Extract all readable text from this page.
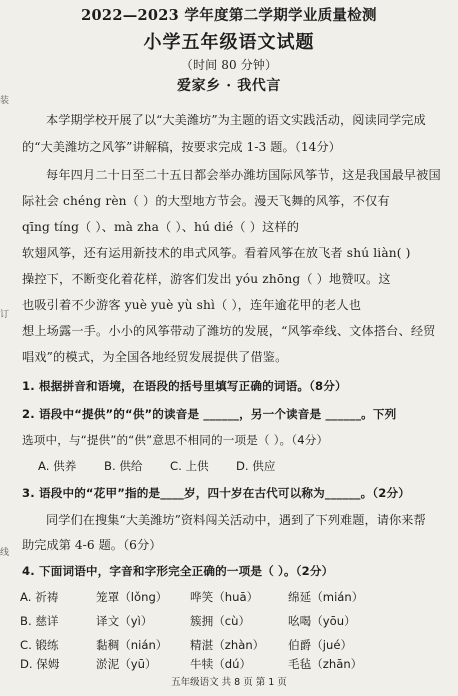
装
订
线
2022—2023 学年度第二学期学业质量检测
小学五年级语文试题
（时间 80 分钟）
爱家乡 · 我代言
本学期学校开展了以“大美潍坊”为主题的语文实践活动，阅读同学完成
的“大美潍坊之风筝”讲解稿，按要求完成 1-3 题。（14分）
每年四月二十日至二十五日都会举办潍坊国际风筝节，这是我国最早被国
际社会 chéng rèn（ ）的大型地方节会。漫天飞舞的风筝，不仅有
qīng tíng（ ）、mà zha（ ）、hú dié（ ）这样的
软翅风筝，还有运用新技术的串式风筝。看着风筝在放飞者 shú liàn( )
操控下，不断变化着花样，游客们发出 yóu zhōng（ ）地赞叹。这
也吸引着不少游客 yuè yuè yù shì（ ），连年逾花甲的老人也
想上场露一手。小小的风筝带动了潍坊的发展，“风筝牵线、文体搭台、经贸
唱戏”的模式，为全国各地经贸发展提供了借鉴。
1. 根据拼音和语境，在语段的括号里填写正确的词语。（8分）
2. 语段中“提供”的“供”的读音是 ______，另一个读音是 ______。下列
选项中，与“提供”的“供”意思不相同的一项是（ ）。（4分）
A. 供养 B. 供给 C. 上供 D. 供应
3. 语段中的“花甲”指的是____岁，四十岁在古代可以称为______。（2分）
同学们在搜集“大美潍坊”资料闯关活动中，遇到了下列难题，请你来帮
助完成第 4-6 题。（6分）
4. 下面词语中，字音和字形完全正确的一项是（ ）。（2分）
A. 祈祷	笼罩（lǒng） 哗笑（huā）	绵延（mián）
B. 慈详	译文（yì）	簇拥（cù）	吆喝（yōu）
C. 锻练	黏稠（nián） 精湛（zhàn） 伯爵（jué）
D. 保姆	淤泥（yū）	牛犊（dú）	毛毡（zhān）
五年级语文 共 8 页 第 1 页
